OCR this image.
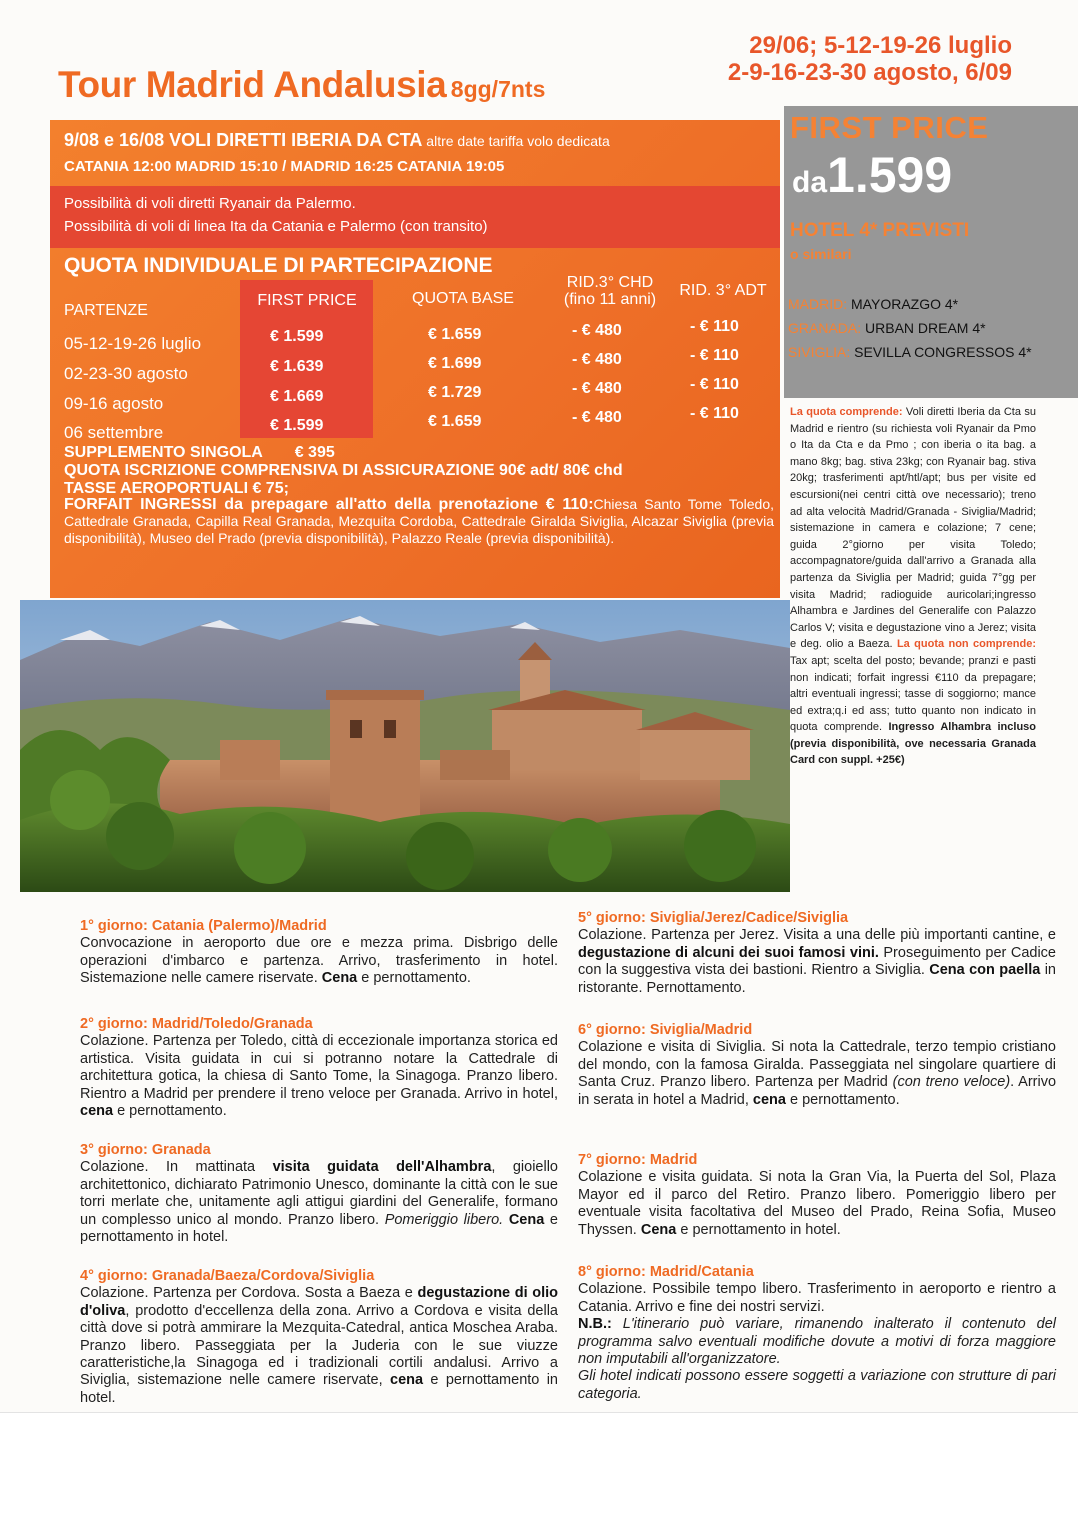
Tour Madrid Andalusia 8gg/7nts
29/06; 5-12-19-26 luglio
2-9-16-23-30 agosto, 6/09
9/08 e 16/08 VOLI DIRETTI IBERIA DA CTA altre date tariffa volo dedicata
CATANIA 12:00 MADRID 15:10 / MADRID 16:25 CATANIA 19:05
Possibilità di voli diretti Ryanair da Palermo.
Possibilità di voli di linea Ita da Catania e Palermo (con transito)
QUOTA INDIVIDUALE DI PARTECIPAZIONE
PARTENZE
FIRST PRICE	QUOTA BASE
RID.3° CHD
(fino 11 anni)
RID. 3° ADT
05-12-19-26 luglio	€ 1.599	€ 1.659	- € 480	- € 110
02-23-30 agosto	€ 1.639	€ 1.699	- € 480	- € 110
09-16 agosto	€ 1.669	€ 1.729	- € 480	- € 110
06 settembre	€ 1.599	€ 1.659	- € 480	- € 110
SUPPLEMENTO SINGOLA € 395
QUOTA ISCRIZIONE COMPRENSIVA DI ASSICURAZIONE 90€ adt/ 80€ chd
TASSE AEROPORTUALI € 75;
FORFAIT INGRESSI da prepagare all'atto della prenotazione € 110:Chiesa Santo Tome Toledo, Cattedrale Granada, Capilla Real Granada, Mezquita Cordoba, Cattedrale Giralda Siviglia, Alcazar Siviglia (previa disponibilità), Museo del Prado (previa disponibilità), Palazzo Reale (previa disponibilità).
FIRST PRICE
da1.599
HOTEL 4* PREVISTI
o similari
MADRID: MAYORAZGO 4*
GRANADA: URBAN DREAM 4*
SIVIGLIA: SEVILLA CONGRESSOS 4*
La quota comprende: Voli diretti Iberia da Cta su Madrid e rientro (su richiesta voli Ryanair da Pmo o Ita da Cta e da Pmo ; con iberia o ita bag. a mano 8kg; bag. stiva 23kg; con Ryanair bag. stiva 20kg; trasferimenti apt/htl/apt; bus per visite ed escursioni(nei centri città ove necessario); treno ad alta velocità Madrid/Granada - Siviglia/Madrid; sistemazione in camera e colazione; 7 cene; guida 2°giorno per visita Toledo; accompagnatore/guida dall'arrivo a Granada alla partenza da Siviglia per Madrid; guida 7°gg per visita Madrid; radioguide auricolari;ingresso Alhambra e Jardines del Generalife con Palazzo Carlos V; visita e degustazione vino a Jerez; visita e deg. olio a Baeza. La quota non comprende: Tax apt; scelta del posto; bevande; pranzi e pasti non indicati; forfait ingressi €110 da prepagare; altri eventuali ingressi; tasse di soggiorno; mance ed extra;q.i ed ass; tutto quanto non indicato in quota comprende. Ingresso Alhambra incluso (previa disponibilità, ove necessaria Granada Card con suppl. +25€)
1° giorno: Catania (Palermo)/Madrid
Convocazione in aeroporto due ore e mezza prima. Disbrigo delle operazioni d'imbarco e partenza. Arrivo, trasferimento in hotel. Sistemazione nelle camere riservate. Cena e pernottamento.
2° giorno: Madrid/Toledo/Granada
Colazione. Partenza per Toledo, città di eccezionale importanza storica ed artistica. Visita guidata in cui si potranno notare la Cattedrale di architettura gotica, la chiesa di Santo Tome, la Sinagoga. Pranzo libero. Rientro a Madrid per prendere il treno veloce per Granada. Arrivo in hotel, cena e pernottamento.
3° giorno: Granada
Colazione. In mattinata visita guidata dell'Alhambra, gioiello architettonico, dichiarato Patrimonio Unesco, dominante la città con le sue torri merlate che, unitamente agli attigui giardini del Generalife, formano un complesso unico al mondo. Pranzo libero. Pomeriggio libero. Cena e pernottamento in hotel.
4° giorno: Granada/Baeza/Cordova/Siviglia
Colazione. Partenza per Cordova. Sosta a Baeza e degustazione di olio d'oliva, prodotto d'eccellenza della zona. Arrivo a Cordova e visita della città dove si potrà ammirare la Mezquita-Catedral, antica Moschea Araba. Pranzo libero. Passeggiata per la Juderia con le sue viuzze caratteristiche,la Sinagoga ed i tradizionali cortili andalusi. Arrivo a Siviglia, sistemazione nelle camere riservate, cena e pernottamento in hotel.
5° giorno: Siviglia/Jerez/Cadice/Siviglia
Colazione. Partenza per Jerez. Visita a una delle più importanti cantine, e degustazione di alcuni dei suoi famosi vini. Proseguimento per Cadice con la suggestiva vista dei bastioni. Rientro a Siviglia. Cena con paella in ristorante. Pernottamento.
6° giorno: Siviglia/Madrid
Colazione e visita di Siviglia. Si nota la Cattedrale, terzo tempio cristiano del mondo, con la famosa Giralda. Passeggiata nel singolare quartiere di Santa Cruz. Pranzo libero. Partenza per Madrid (con treno veloce). Arrivo in serata in hotel a Madrid, cena e pernottamento.
7° giorno: Madrid
Colazione e visita guidata. Si nota la Gran Via, la Puerta del Sol, Plaza Mayor ed il parco del Retiro. Pranzo libero. Pomeriggio libero per eventuale visita facoltativa del Museo del Prado, Reina Sofia, Museo Thyssen. Cena e pernottamento in hotel.
8° giorno: Madrid/Catania
Colazione. Possibile tempo libero. Trasferimento in aeroporto e rientro a Catania. Arrivo e fine dei nostri servizi.
N.B.: L'itinerario può variare, rimanendo inalterato il contenuto del programma salvo eventuali modifiche dovute a motivi di forza maggiore non imputabili all'organizzatore.
Gli hotel indicati possono essere soggetti a variazione con strutture di pari categoria.
